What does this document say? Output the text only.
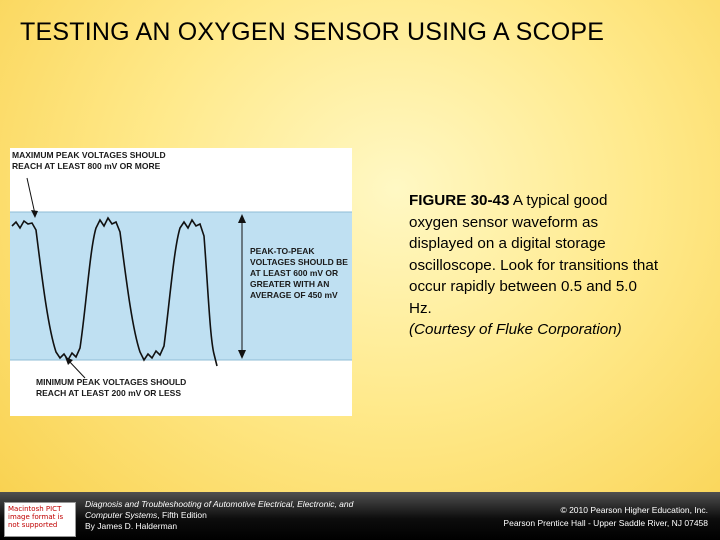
TESTING AN OXYGEN SENSOR USING A SCOPE

MAXIMUM PEAK VOLTAGES SHOULD REACH AT LEAST 800 mV OR MORE

PEAK-TO-PEAK VOLTAGES SHOULD BE AT LEAST 600 mV OR GREATER WITH AN AVERAGE OF 450 mV

MINIMUM PEAK VOLTAGES SHOULD REACH AT LEAST 200 mV OR LESS

FIGURE 30-43 A typical good oxygen sensor waveform as displayed on a digital storage oscilloscope. Look for transitions that occur rapidly between 0.5 and 5.0 Hz.
(Courtesy of Fluke Corporation)

Macintosh PICT image format is not supported

Diagnosis and Troubleshooting of Automotive Electrical, Electronic, and Computer Systems, Fifth Edition
By James D. Halderman

© 2010 Pearson Higher Education, Inc.
Pearson Prentice Hall - Upper Saddle River, NJ 07458
